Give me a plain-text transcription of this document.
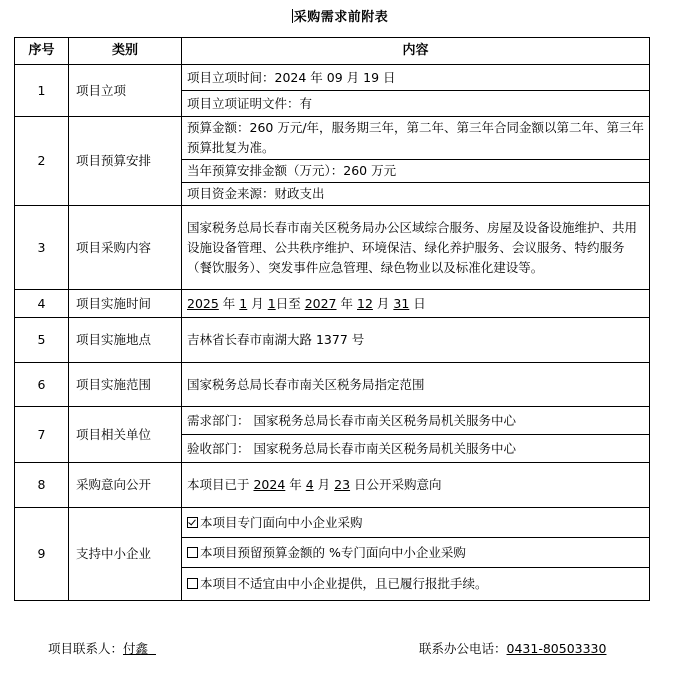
采购需求前附表
序号	类别	内容
1	项目立项	项目立项时间：2024 年 09 月 19 日
		项目立项证明文件：有
2	项目预算安排	预算金额：260 万元/年，服务期三年，第二年、第三年合同金额以第二年、第三年预算批复为准。
		当年预算安排金额（万元）：260 万元
		项目资金来源：财政支出
3	项目采购内容	国家税务总局长春市南关区税务局办公区域综合服务、房屋及设备设施维护、共用设施设备管理、公共秩序维护、环境保洁、绿化养护服务、会议服务、特约服务（餐饮服务）、突发事件应急管理、绿色物业以及标准化建设等。
4	项目实施时间	2025 年 1 月 1日至 2027 年 12 月 31 日
5	项目实施地点	吉林省长春市南湖大路 1377 号
6	项目实施范围	国家税务总局长春市南关区税务局指定范围
7	项目相关单位	需求部门： 国家税务总局长春市南关区税务局机关服务中心
		验收部门： 国家税务总局长春市南关区税务局机关服务中心
8	采购意向公开	本项目已于 2024 年 4 月 23 日公开采购意向
9	支持中小企业	本项目专门面向中小企业采购
		本项目预留预算金额的 %专门面向中小企业采购
		本项目不适宜由中小企业提供，且已履行报批手续。
项目联系人：付鑫	联系办公电话：0431-80503330
